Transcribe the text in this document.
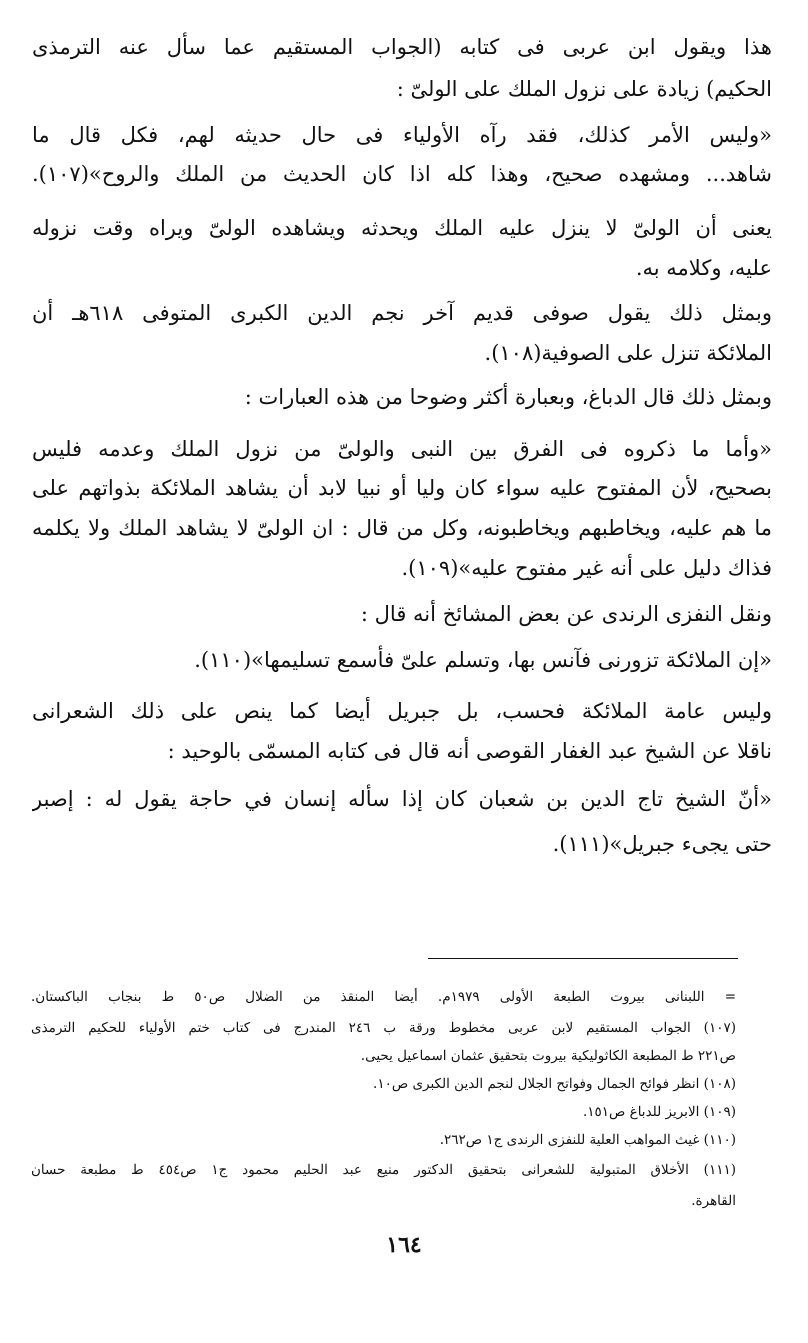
هذا ويقول ابن عربى فى كتابه (الجواب المستقيم عما سأل عنه الترمذى

الحكيم) زيادة على نزول الملك على الولىّ :

«وليس الأمر كذلك، فقد رآه الأولياء فى حال حديثه لهم، فكل قال ما

شاهد... ومشهده صحيح، وهذا كله اذا كان الحديث من الملك والروح»(١٠٧).

يعنى أن الولىّ لا ينزل عليه الملك ويحدثه ويشاهده الولىّ ويراه وقت نزوله

عليه، وكلامه به.

وبمثل ذلك يقول صوفى قديم آخر نجم الدين الكبرى المتوفى ٦١٨هـ أن

الملائكة تنزل على الصوفية(١٠٨).

وبمثل ذلك قال الدباغ، وبعبارة أكثر وضوحا من هذه العبارات :

«وأما ما ذكروه فى الفرق بين النبى والولىّ من نزول الملك وعدمه فليس

بصحيح، لأن المفتوح عليه سواء كان وليا أو نبيا لابد أن يشاهد الملائكة بذواتهم على

ما هم عليه، ويخاطبهم ويخاطبونه، وكل من قال : ان الولىّ لا يشاهد الملك ولا يكلمه

فذاك دليل على أنه غير مفتوح عليه»(١٠٩).

ونقل النفزى الرندى عن بعض المشائخ أنه قال :

«إن الملائكة تزورنى فآنس بها، وتسلم علىّ فأسمع تسليمها»(١١٠).

وليس عامة الملائكة فحسب، بل جبريل أيضا كما ينص على ذلك الشعرانى

ناقلا عن الشيخ عبد الغفار القوصى أنه قال فى كتابه المسمّى بالوحيد :

«أنّ الشيخ تاج الدين بن شعبان كان إذا سأله إنسان في حاجة يقول له : إصبر

حتى يجىء جبريل»(١١١).

= اللبنانى بيروت الطبعة الأولى ١٩٧٩م. أيضا المنقذ من الضلال ص٥٠ ط بنجاب الباكستان.

(١٠٧) الجواب المستقيم لابن عربى مخطوط ورقة ب ٢٤٦ المندرج فى كتاب ختم الأولياء للحكيم الترمذى

ص٢٢١ ط المطبعة الكاثوليكية بيروت بتحقيق عثمان اسماعيل يحيى.

(١٠٨) انظر فوائح الجمال وفواتح الجلال لنجم الدين الكبرى ص١٠.

(١٠٩) الابريز للدباغ ص١٥١.

(١١٠) غيث المواهب العلية للنفزى الرندى ج١ ص٢٦٢.

(١١١) الأخلاق المتبولية للشعرانى بتحقيق الدكتور منيع عبد الحليم محمود ج١ ص٤٥٤ ط مطبعة حسان

القاهرة.

١٦٤
